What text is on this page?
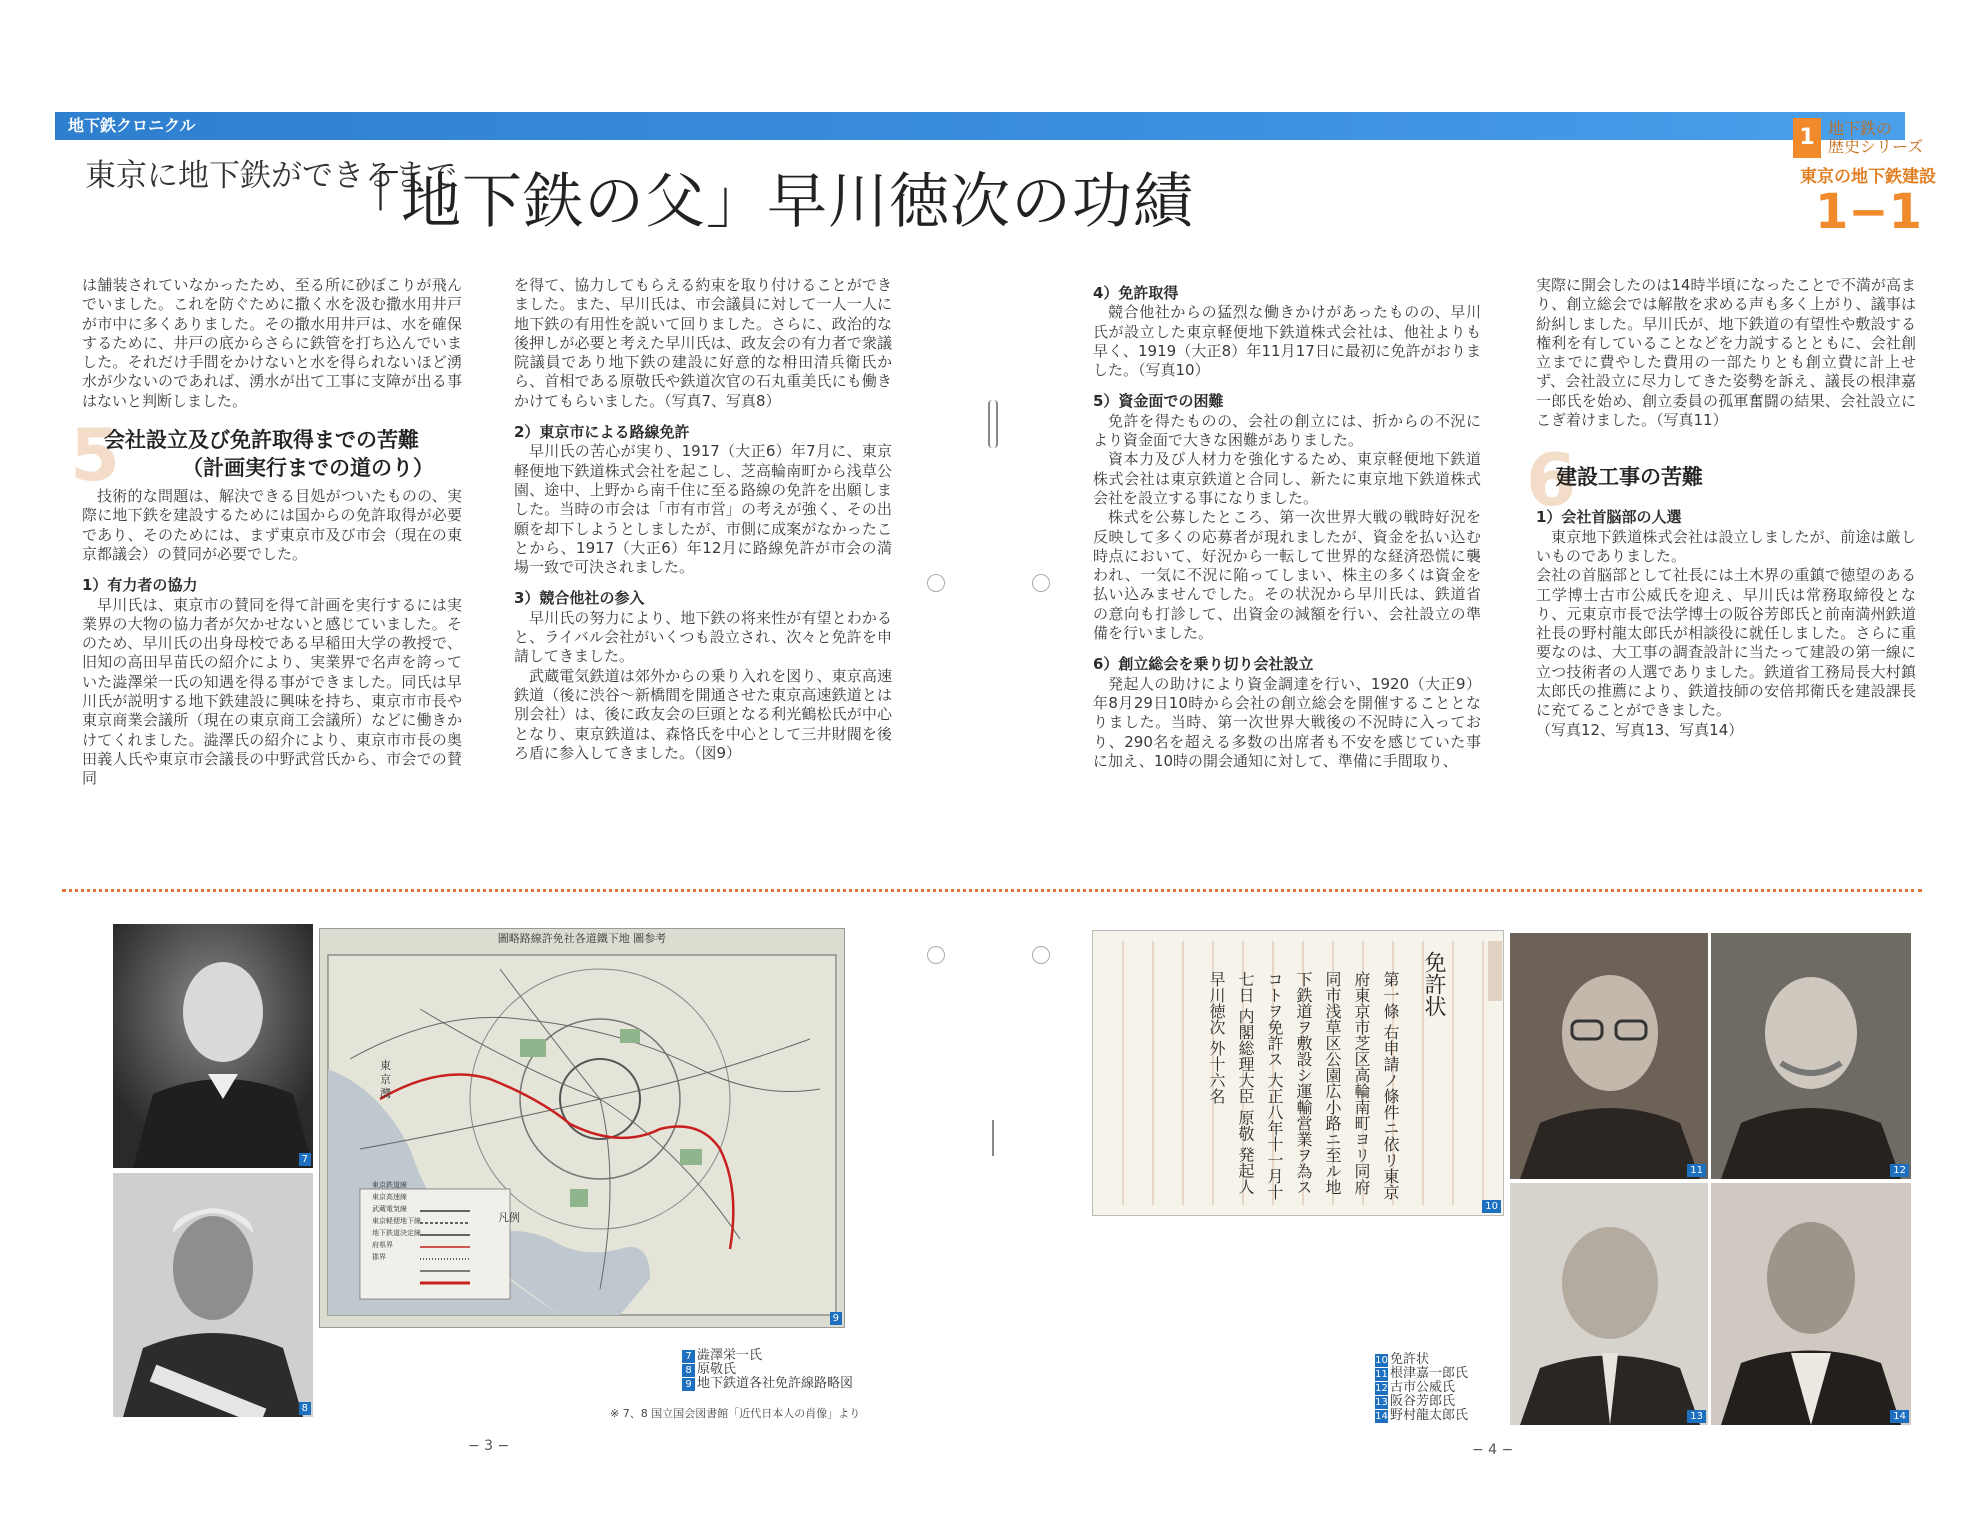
地下鉄クロニクル
東京に地下鉄ができるまで
「地下鉄の父」早川徳次の功績
1 地下鉄の
歴史シリーズ
東京の地下鉄建設
1−1

は舗装されていなかったため、至る所に砂ぼこりが飛んでいました。これを防ぐために撒く水を汲む撒水用井戸が市中に多くありました。その撒水用井戸は、水を確保するために、井戸の底からさらに鉄管を打ち込んでいました。それだけ手間をかけないと水を得られないほど湧水が少ないのであれば、湧水が出て工事に支障が出る事はないと判断しました。

5
会社設立及び免許取得までの苦難
（計画実行までの道のり）

技術的な問題は、解決できる目処がついたものの、実際に地下鉄を建設するためには国からの免許取得が必要であり、そのためには、まず東京市及び市会（現在の東京都議会）の賛同が必要でした。

1）有力者の協力

早川氏は、東京市の賛同を得て計画を実行するには実業界の大物の協力者が欠かせないと感じていました。そのため、早川氏の出身母校である早稲田大学の教授で、旧知の高田早苗氏の紹介により、実業界で名声を誇っていた澁澤栄一氏の知遇を得る事ができました。同氏は早川氏が説明する地下鉄建設に興味を持ち、東京市市長や東京商業会議所（現在の東京商工会議所）などに働きかけてくれました。澁澤氏の紹介により、東京市市長の奥田義人氏や東京市会議長の中野武営氏から、市会での賛同

を得て、協力してもらえる約束を取り付けることができました。また、早川氏は、市会議員に対して一人一人に地下鉄の有用性を説いて回りました。さらに、政治的な後押しが必要と考えた早川氏は、政友会の有力者で衆議院議員であり地下鉄の建設に好意的な枏田清兵衛氏から、首相である原敬氏や鉄道次官の石丸重美氏にも働きかけてもらいました。（写真7、写真8）

2）東京市による路線免許

早川氏の苦心が実り、1917（大正6）年7月に、東京軽便地下鉄道株式会社を起こし、芝高輪南町から浅草公園、途中、上野から南千住に至る路線の免許を出願しました。当時の市会は「市有市営」の考えが強く、その出願を却下しようとしましたが、市側に成案がなかったことから、1917（大正6）年12月に路線免許が市会の満場一致で可決されました。

3）競合他社の参入

早川氏の努力により、地下鉄の将来性が有望とわかると、ライバル会社がいくつも設立され、次々と免許を申請してきました。

武蔵電気鉄道は郊外からの乗り入れを図り、東京高速鉄道（後に渋谷～新橋間を開通させた東京高速鉄道とは別会社）は、後に政友会の巨頭となる利光鶴松氏が中心となり、東京鉄道は、森恪氏を中心として三井財閥を後ろ盾に参入してきました。（図9）

4）免許取得

競合他社からの猛烈な働きかけがあったものの、早川氏が設立した東京軽便地下鉄道株式会社は、他社よりも早く、1919（大正8）年11月17日に最初に免許がおりました。（写真10）

5）資金面での困難

免許を得たものの、会社の創立には、折からの不況により資金面で大きな困難がありました。

資本力及び人材力を強化するため、東京軽便地下鉄道株式会社は東京鉄道と合同し、新たに東京地下鉄道株式会社を設立する事になりました。

株式を公募したところ、第一次世界大戦の戦時好況を反映して多くの応募者が現れましたが、資金を払い込む時点において、好況から一転して世界的な経済恐慌に襲われ、一気に不況に陥ってしまい、株主の多くは資金を払い込みませんでした。その状況から早川氏は、鉄道省の意向も打診して、出資金の減額を行い、会社設立の準備を行いました。

6）創立総会を乗り切り会社設立

発起人の助けにより資金調達を行い、1920（大正9）年8月29日10時から会社の創立総会を開催することとなりました。当時、第一次世界大戦後の不況時に入っており、290名を超える多数の出席者も不安を感じていた事に加え、10時の開会通知に対して、準備に手間取り、

実際に開会したのは14時半頃になったことで不満が高まり、創立総会では解散を求める声も多く上がり、議事は紛糾しました。早川氏が、地下鉄道の有望性や敷設する権利を有していることなどを力説するとともに、会社創立までに費やした費用の一部たりとも創立費に計上せず、会社設立に尽力してきた姿勢を訴え、議長の根津嘉一郎氏を始め、創立委員の孤軍奮闘の結果、会社設立にこぎ着けました。（写真11）

6
建設工事の苦難

1）会社首脳部の人選

東京地下鉄道株式会社は設立しましたが、前途は厳しいものでありました。

会社の首脳部として社長には土木界の重鎮で徳望のある工学博士古市公威氏を迎え、早川氏は常務取締役となり、元東京市長で法学博士の阪谷芳郎氏と前南満州鉄道社長の野村龍太郎氏が相談役に就任しました。さらに重要なのは、大工事の調査設計に当たって建設の第一線に立つ技術者の人選でありました。鉄道省工務局長大村鎮太郎氏の推薦により、鉄道技師の安倍邦衛氏を建設課長に充てることができました。

（写真12、写真13、写真14）

7
8
圖略路線許免社各道鐵下地 圖参考
東京鉄道線
東京高速線
武蔵電気線
東京軽便地下線
地下鉄道決定線
府県界
郡界
凡例
東京灣
9
7 澁澤栄一氏
8 原敬氏
9 地下鉄道各社免許線路略図
※ 7、8 国立国会図書館「近代日本人の肖像」より
免許状
第一條 右申請ノ條件ニ依リ東京府東京市芝区高輪南町ヨリ同府同市浅草区公園広小路ニ至ル地下鉄道ヲ敷設シ運輸営業ヲ為スコトヲ免許ス 大正八年十一月十七日 内閣総理大臣 原敬 発起人 早川徳次 外十六名
10
11	12
13	14
10 免許状
11 根津嘉一郎氏
12 古市公威氏
13 阪谷芳郎氏
14 野村龍太郎氏
− 3 −	− 4 −
